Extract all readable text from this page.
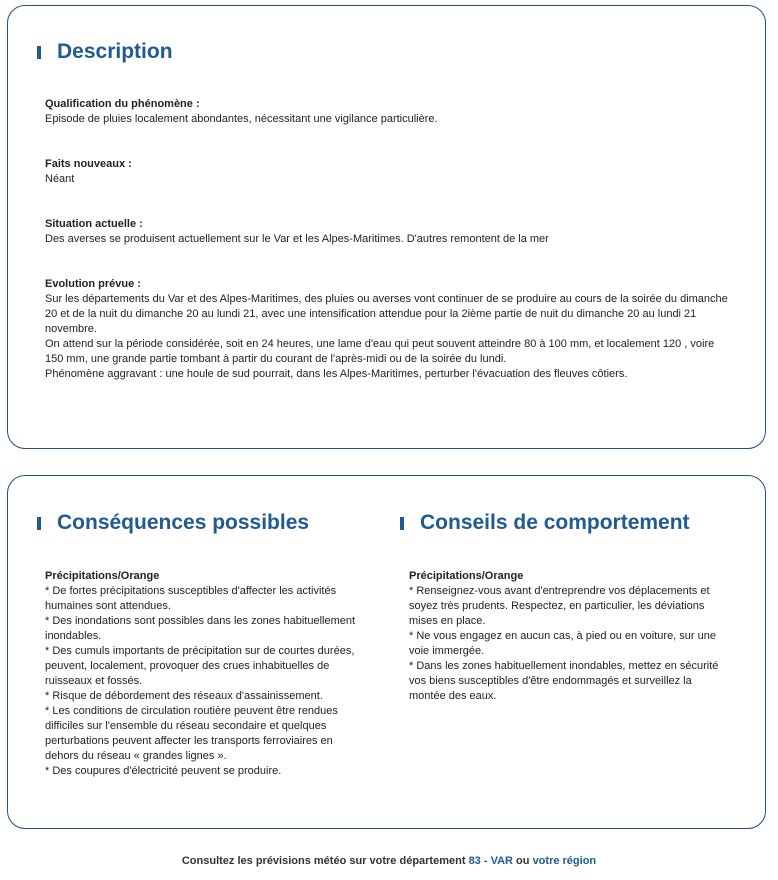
Description
Qualification du phénomène :
Episode de pluies localement abondantes, nécessitant une vigilance particulière.
Faits nouveaux :
Néant
Situation actuelle :
Des averses se produisent actuellement sur le Var et les Alpes-Maritimes. D'autres remontent de la mer
Evolution prévue :
Sur les départements du Var et des Alpes-Maritimes, des pluies ou averses vont continuer de se produire au cours de la soirée du dimanche 20 et de la nuit du dimanche 20 au lundi 21, avec une intensification attendue pour la 2ième partie de nuit du dimanche 20 au lundi 21 novembre.
On attend sur la période considérée, soit en 24 heures, une lame d'eau qui peut souvent atteindre 80 à 100 mm, et localement 120 , voire 150 mm, une grande partie tombant à partir du courant de l'après-midi ou de la soirée du lundi.
Phénomène aggravant : une houle de sud pourrait, dans les Alpes-Maritimes, perturber l'évacuation des fleuves côtiers.
Conséquences possibles	Conseils de comportement
Précipitations/Orange
* De fortes précipitations susceptibles d'affecter les activités humaines sont attendues.
* Des inondations sont possibles dans les zones habituellement inondables.
* Des cumuls importants de précipitation sur de courtes durées, peuvent, localement, provoquer des crues inhabituelles de ruisseaux et fossés.
* Risque de débordement des réseaux d'assainissement.
* Les conditions de circulation routière peuvent être rendues difficiles sur l'ensemble du réseau secondaire et quelques perturbations peuvent affecter les transports ferroviaires en dehors du réseau « grandes lignes ».
* Des coupures d'électricité peuvent se produire.
Précipitations/Orange
* Renseignez-vous avant d'entreprendre vos déplacements et soyez très prudents. Respectez, en particulier, les déviations mises en place.
* Ne vous engagez en aucun cas, à pied ou en voiture, sur une voie immergée.
* Dans les zones habituellement inondables, mettez en sécurité vos biens susceptibles d'être endommagés et surveillez la montée des eaux.
Consultez les prévisions météo sur votre département 83 - VAR ou votre région
